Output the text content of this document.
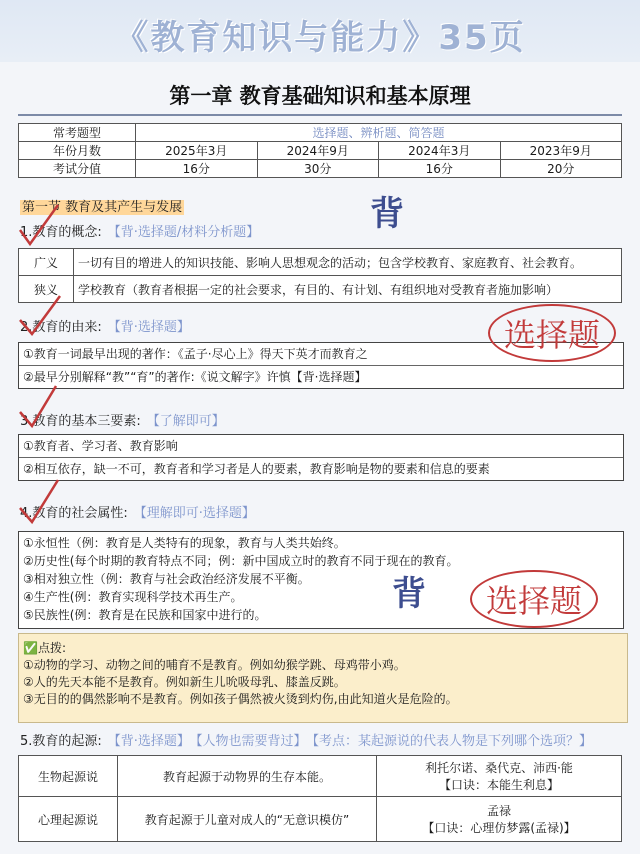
《教育知识与能力》35页
第一章 教育基础知识和基本原理
常考题型	选择题、辨析题、简答题			
年份月数	2025年3月	2024年9月	2024年3月	2023年9月
考试分值	16分	30分	16分	20分
第一节 教育及其产生与发展	背
1.教育的概念: 【背·选择题/材料分析题】
广义	一切有目的增进人的知识技能、影响人思想观念的活动；包含学校教育、家庭教育、社会教育。
狭义	学校教育（教育者根据一定的社会要求，有目的、有计划、有组织地对受教育者施加影响）
2.教育的由来: 【背·选择题】
①教育一词最早出现的著作：《孟子·尽心上》得天下英才而教育之
②最早分别解释“教”“育”的著作:《说文解字》许慎【背·选择题】
选择题
3.教育的基本三要素: 【了解即可】
①教育者、学习者、教育影响
②相互依存，缺一不可，教育者和学习者是人的要素，教育影响是物的要素和信息的要素
4.教育的社会属性: 【理解即可·选择题】
①永恒性（例：教育是人类特有的现象，教育与人类共始终。
②历史性(每个时期的教育特点不同；例：新中国成立时的教育不同于现在的教育。
③相对独立性（例：教育与社会政治经济发展不平衡。
④生产性(例：教育实现科学技术再生产。
⑤民族性(例：教育是在民族和国家中进行的。
背	选择题
✅点拨:
①动物的学习、动物之间的哺育不是教育。例如幼猴学跳、母鸡带小鸡。
②人的先天本能不是教育。例如新生儿吮吸母乳、膝盖反跳。
③无目的的偶然影响不是教育。例如孩子偶然被火烫到灼伤,由此知道火是危险的。
5.教育的起源: 【背·选择题】 【人物也需要背过】 【考点：某起源说的代表人物是下列哪个选项？】
生物起源说	教育起源于动物界的生存本能。	利托尔诺、桑代克、沛西·能
【口诀：本能生利息】

心理起源说	教育起源于儿童对成人的“无意识模仿”	孟禄
【口诀：心理仿梦露(孟禄)】
